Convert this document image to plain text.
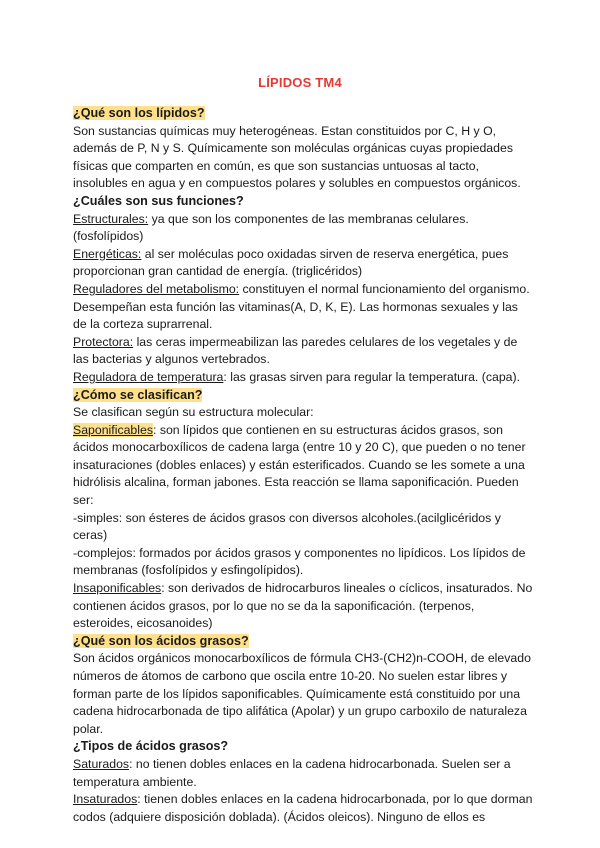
LÍPIDOS TM4

¿Qué son los lípidos?

Son sustancias químicas muy heterogéneas. Estan constituidos por C, H y O, además de P, N y S. Químicamente son moléculas orgánicas cuyas propiedades físicas que comparten en común, es que son sustancias untuosas al tacto, insolubles en agua y en compuestos polares y solubles en compuestos orgánicos.

¿Cuáles son sus funciones?

Estructurales: ya que son los componentes de las membranas celulares. (fosfolípidos)

Energéticas: al ser moléculas poco oxidadas sirven de reserva energética, pues proporcionan gran cantidad de energía. (triglicéridos)

Reguladores del metabolismo: constituyen el normal funcionamiento del organismo. Desempeñan esta función las vitaminas(A, D, K, E). Las hormonas sexuales y las de la corteza suprarrenal.

Protectora: las ceras impermeabilizan las paredes celulares de los vegetales y de las bacterias y algunos vertebrados.

Reguladora de temperatura: las grasas sirven para regular la temperatura. (capa).

¿Cómo se clasifican?

Se clasifican según su estructura molecular:

Saponificables: son lípidos que contienen en su estructuras ácidos grasos, son ácidos monocarboxílicos de cadena larga (entre 10 y 20 C), que pueden o no tener insaturaciones (dobles enlaces) y están esterificados. Cuando se les somete a una hidrólisis alcalina, forman jabones. Esta reacción se llama saponificación. Pueden ser:

-simples: son ésteres de ácidos grasos con diversos alcoholes.(acilglicéridos y ceras)

-complejos: formados por ácidos grasos y componentes no lipídicos. Los lípidos de membranas (fosfolípidos y esfingolípidos).

Insaponificables: son derivados de hidrocarburos lineales o cíclicos, insaturados. No contienen ácidos grasos, por lo que no se da la saponificación. (terpenos, esteroides, eicosanoides)

¿Qué son los ácidos grasos?

Son ácidos orgánicos monocarboxílicos de fórmula CH3-(CH2)n-COOH, de elevado números de átomos de carbono que oscila entre 10-20. No suelen estar libres y forman parte de los lípidos saponificables. Químicamente está constituido por una cadena hidrocarbonada de tipo alifática (Apolar) y un grupo carboxilo de naturaleza polar.

¿Tipos de ácidos grasos?

Saturados: no tienen dobles enlaces en la cadena hidrocarbonada. Suelen ser a temperatura ambiente.

Insaturados: tienen dobles enlaces en la cadena hidrocarbonada, por lo que dorman codos (adquiere disposición doblada). (Ácidos oleicos). Ninguno de ellos es
